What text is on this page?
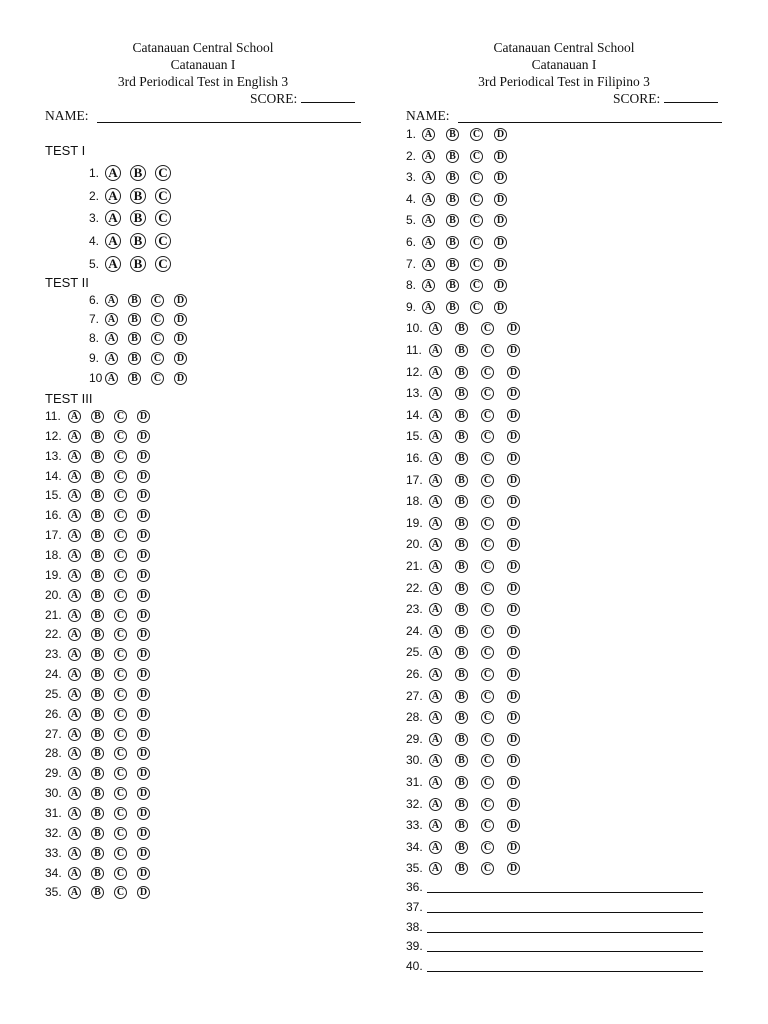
Catanauan Central School
Catanauan I
3rd Periodical Test in English 3
SCORE:
NAME:
TEST I
1. A B C
2. A B C
3. A B C
4. A B C
5. A B C
TEST II
6. A	B	C D
7. A	B	C D
8. A	B	C D
9. A	B	C D
10 A	B	C D
TEST III
11.	A	B	C D
12. A	B	C D
13. A	B	C D
14. A	B	C D
15. A	B	C D
16. A	B	C D
17. A	B	C D
18. A	B	C D
19. A	B	C D
20. A	B	C D
21. A	B	C D
22. A	B	C D
23. A	B	C D
24. A	B	C D
25. A	B	C D
26. A	B	C D
27. A	B	C D
28. A	B	C D
29. A	B	C D
30. A	B	C D
31. A	B	C D
32. A	B	C D
33. A	B	C D
34. A	B	C D
35. A	B	C D
Catanauan Central School
Catanauan I
3rd Periodical Test in Filipino 3
SCORE:
NAME:
1. A	B	C D
2. A	B	C D
3. A	B	C D
4. A	B	C D
5. A	B	C D
6. A	B	C D
7. A	B	C D
8. A	B	C D
9. A	B	C D
10. A	B	C D
11.	A	B	C D
12. A	B	C D
13. A	B	C D
14. A	B	C D
15. A	B	C D
16. A	B	C D
17. A	B	C D
18. A	B	C D
19. A	B	C D
20. A	B	C D
21. A	B	C D
22. A	B	C D
23. A	B	C D
24. A	B	C D
25. A	B	C D
26. A	B	C D
27. A	B	C D
28. A	B	C D
29. A	B	C D
30. A	B	C D
31. A	B	C D
32. A	B	C D
33. A	B	C D
34. A	B	C D
35. A	B	C D
36.
37.
38.
39.
40.
